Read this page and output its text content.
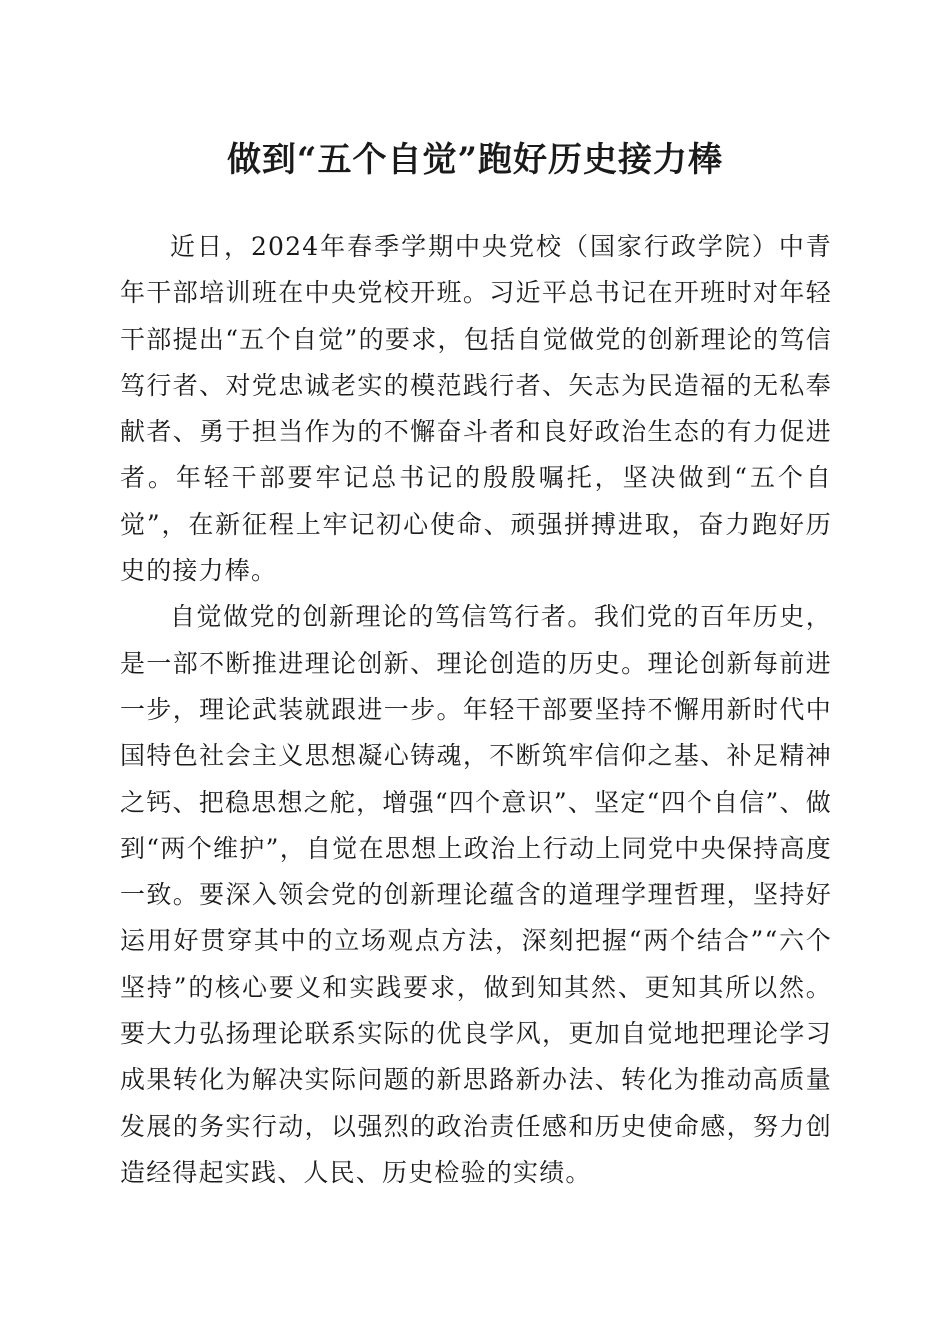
做到“五个自觉”跑好历史接力棒

近日，2024年春季学期中央党校（国家行政学院）中青年干部培训班在中央党校开班。习近平总书记在开班时对年轻干部提出“五个自觉”的要求，包括自觉做党的创新理论的笃信笃行者、对党忠诚老实的模范践行者、矢志为民造福的无私奉献者、勇于担当作为的不懈奋斗者和良好政治生态的有力促进者。年轻干部要牢记总书记的殷殷嘱托，坚决做到“五个自觉”，在新征程上牢记初心使命、顽强拼搏进取，奋力跑好历史的接力棒。

自觉做党的创新理论的笃信笃行者。我们党的百年历史，是一部不断推进理论创新、理论创造的历史。理论创新每前进一步，理论武装就跟进一步。年轻干部要坚持不懈用新时代中国特色社会主义思想凝心铸魂，不断筑牢信仰之基、补足精神之钙、把稳思想之舵，增强“四个意识”、坚定“四个自信”、做到“两个维护”，自觉在思想上政治上行动上同党中央保持高度一致。要深入领会党的创新理论蕴含的道理学理哲理，坚持好运用好贯穿其中的立场观点方法，深刻把握“两个结合”“六个坚持”的核心要义和实践要求，做到知其然、更知其所以然。要大力弘扬理论联系实际的优良学风，更加自觉地把理论学习成果转化为解决实际问题的新思路新办法、转化为推动高质量发展的务实行动，以强烈的政治责任感和历史使命感，努力创造经得起实践、人民、历史检验的实绩。
